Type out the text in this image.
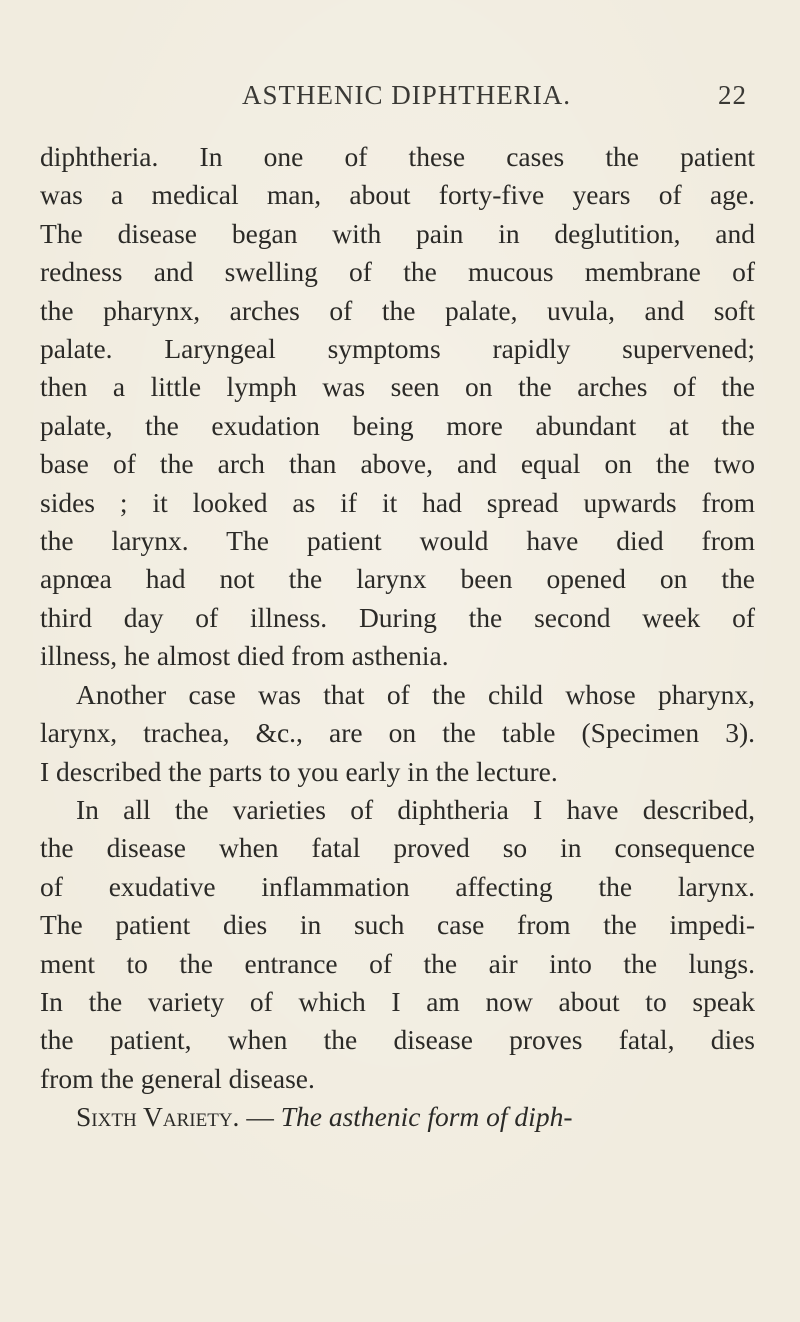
ASTHENIC DIPHTHERIA.	22

diphtheria. In one of these cases the patient
was a medical man, about forty-five years of age.
The disease began with pain in deglutition, and
redness and swelling of the mucous membrane of
the pharynx, arches of the palate, uvula, and soft
palate. Laryngeal symptoms rapidly supervened;
then a little lymph was seen on the arches of the
palate, the exudation being more abundant at the
base of the arch than above, and equal on the two
sides ; it looked as if it had spread upwards from
the larynx. The patient would have died from
apnœa had not the larynx been opened on the
third day of illness. During the second week of
illness, he almost died from asthenia.

Another case was that of the child whose pharynx,
larynx, trachea, &c., are on the table (Specimen 3).
I described the parts to you early in the lecture.

In all the varieties of diphtheria I have described,
the disease when fatal proved so in consequence
of exudative inflammation affecting the larynx.
The patient dies in such case from the impedi-
ment to the entrance of the air into the lungs.
In the variety of which I am now about to speak
the patient, when the disease proves fatal, dies
from the general disease.

Sixth Variety. — The asthenic form of diph-
